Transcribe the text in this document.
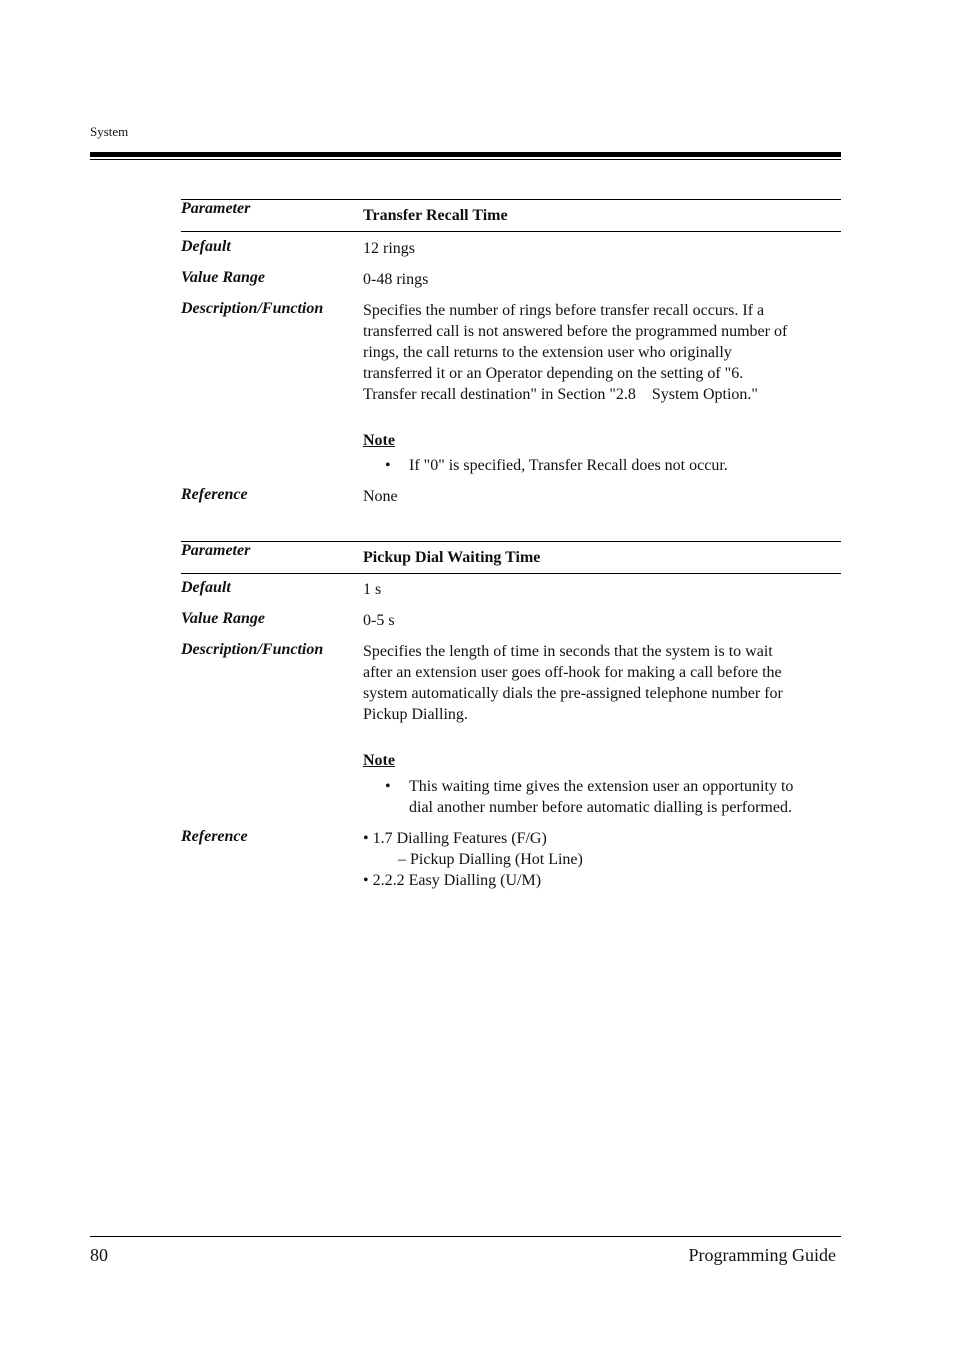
System
Parameter	Transfer Recall Time
Default	12 rings
Value Range	0-48 rings
Description/Function	Specifies the number of rings before transfer recall occurs. If a
transferred call is not answered before the programmed number of
rings, the call returns to the extension user who originally
transferred it or an Operator depending on the setting of "6.
Transfer recall destination" in Section "2.8    System Option."
Note
• If "0" is specified, Transfer Recall does not occur.
Reference	None
Parameter	Pickup Dial Waiting Time
Default	1 s
Value Range	0-5 s
Description/Function	Specifies the length of time in seconds that the system is to wait
after an extension user goes off-hook for making a call before the
system automatically dials the pre-assigned telephone number for
Pickup Dialling.
Note
• This waiting time gives the extension user an opportunity to
dial another number before automatic dialling is performed.
Reference	• 1.7 Dialling Features (F/G)
– Pickup Dialling (Hot Line)
• 2.2.2 Easy Dialling (U/M)
80	Programming Guide
